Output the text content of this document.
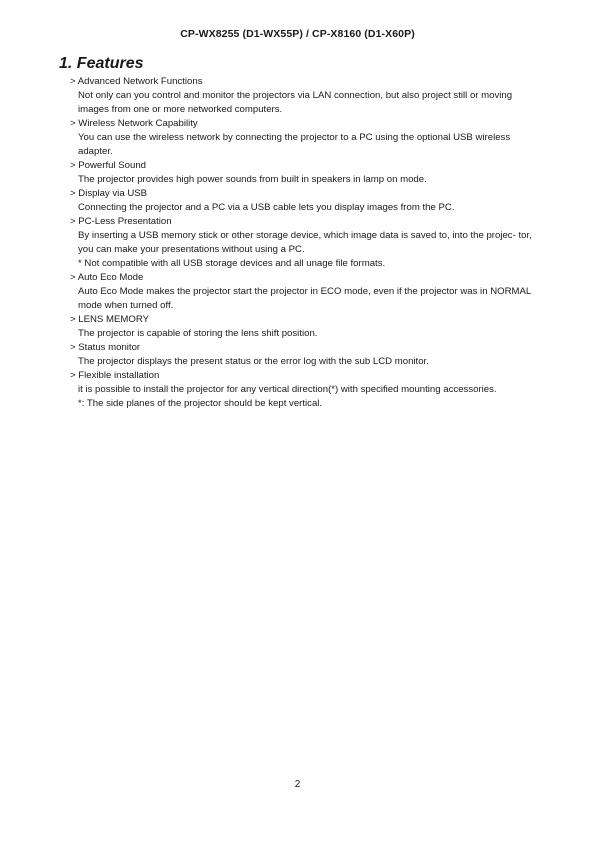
CP-WX8255 (D1-WX55P) / CP-X8160 (D1-X60P)
1. Features
> Advanced Network Functions
Not only can you control and monitor the projectors via LAN connection, but also project still or moving images from one or more networked computers.
> Wireless Network Capability
You can use the wireless network by connecting the projector to a PC using the optional USB wireless adapter.
> Powerful Sound
The projector provides high power sounds from built in speakers in lamp on mode.
> Display via USB
Connecting the projector and a PC via a USB cable lets you display images from the PC.
> PC-Less Presentation
By inserting a USB memory stick or other storage device, which image data is saved to, into the projec- tor, you can make your presentations without using a PC.
* Not compatible with all USB storage devices and all unage file formats.
> Auto Eco Mode
Auto Eco Mode makes the projector start the projector in ECO mode, even if the projector was in NORMAL mode when turned off.
> LENS MEMORY
The projector is capable of storing the lens shift position.
> Status monitor
The projector displays the present status or the error log with the sub LCD monitor.
> Flexible installation
it is possible to install the projector for any vertical direction(*) with specified mounting accessories.
*: The side planes of the projector should be kept vertical.
2
